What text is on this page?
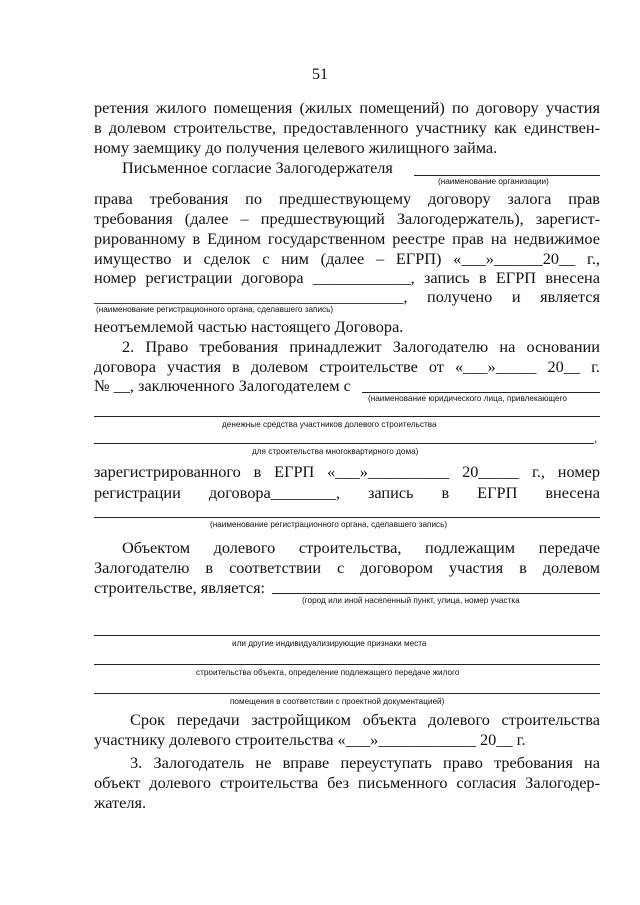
51
ретения жилого помещения (жилых помещений) по договору участия
в долевом строительстве, предоставленного участнику как единствен-
ному заемщику до получения целевого жилищного займа.
Письменное согласие Залогодержателя
(наименование организации)
права требования по предшествующему договору залога прав
требования (далее – предшествующий Залогодержатель), зарегист-
рированному в Едином государственном реестре прав на недвижимое
имущество и сделок с ним (далее – ЕГРП) «___»______20__ г.,
номер регистрации договора ____________, запись в ЕГРП внесена
______________________________________, получено и является
(наименование регистрационного органа, сделавшего запись)
неотъемлемой частью настоящего Договора.
2. Право требования принадлежит Залогодателю на основании
договора участия в долевом строительстве от «___»_____ 20__ г.
№ __, заключенного Залогодателем с
(наименование юридического лица, привлекающего
денежные средства участников долевого строительства
,
для строительства многоквартирного дома)
зарегистрированного в ЕГРП «___»__________ 20_____ г., номер
регистрации договора________, запись в ЕГРП внесена
(наименование регистрационного органа, сделавшего запись)
Объектом долевого строительства, подлежащим передаче
Залогодателю в соответствии с договором участия в долевом
строительстве, является:
(город или иной населенный пункт, улица, номер участка
или другие индивидуализирующие признаки места
строительства объекта, определение подлежащего передаче жилого
помещения в соответствии с проектной документацией)
Срок передачи застройщиком объекта долевого строительства
участнику долевого строительства «___»____________ 20__ г.
3. Залогодатель не вправе переуступать право требования на
объект долевого строительства без письменного согласия Залогодер-
жателя.
